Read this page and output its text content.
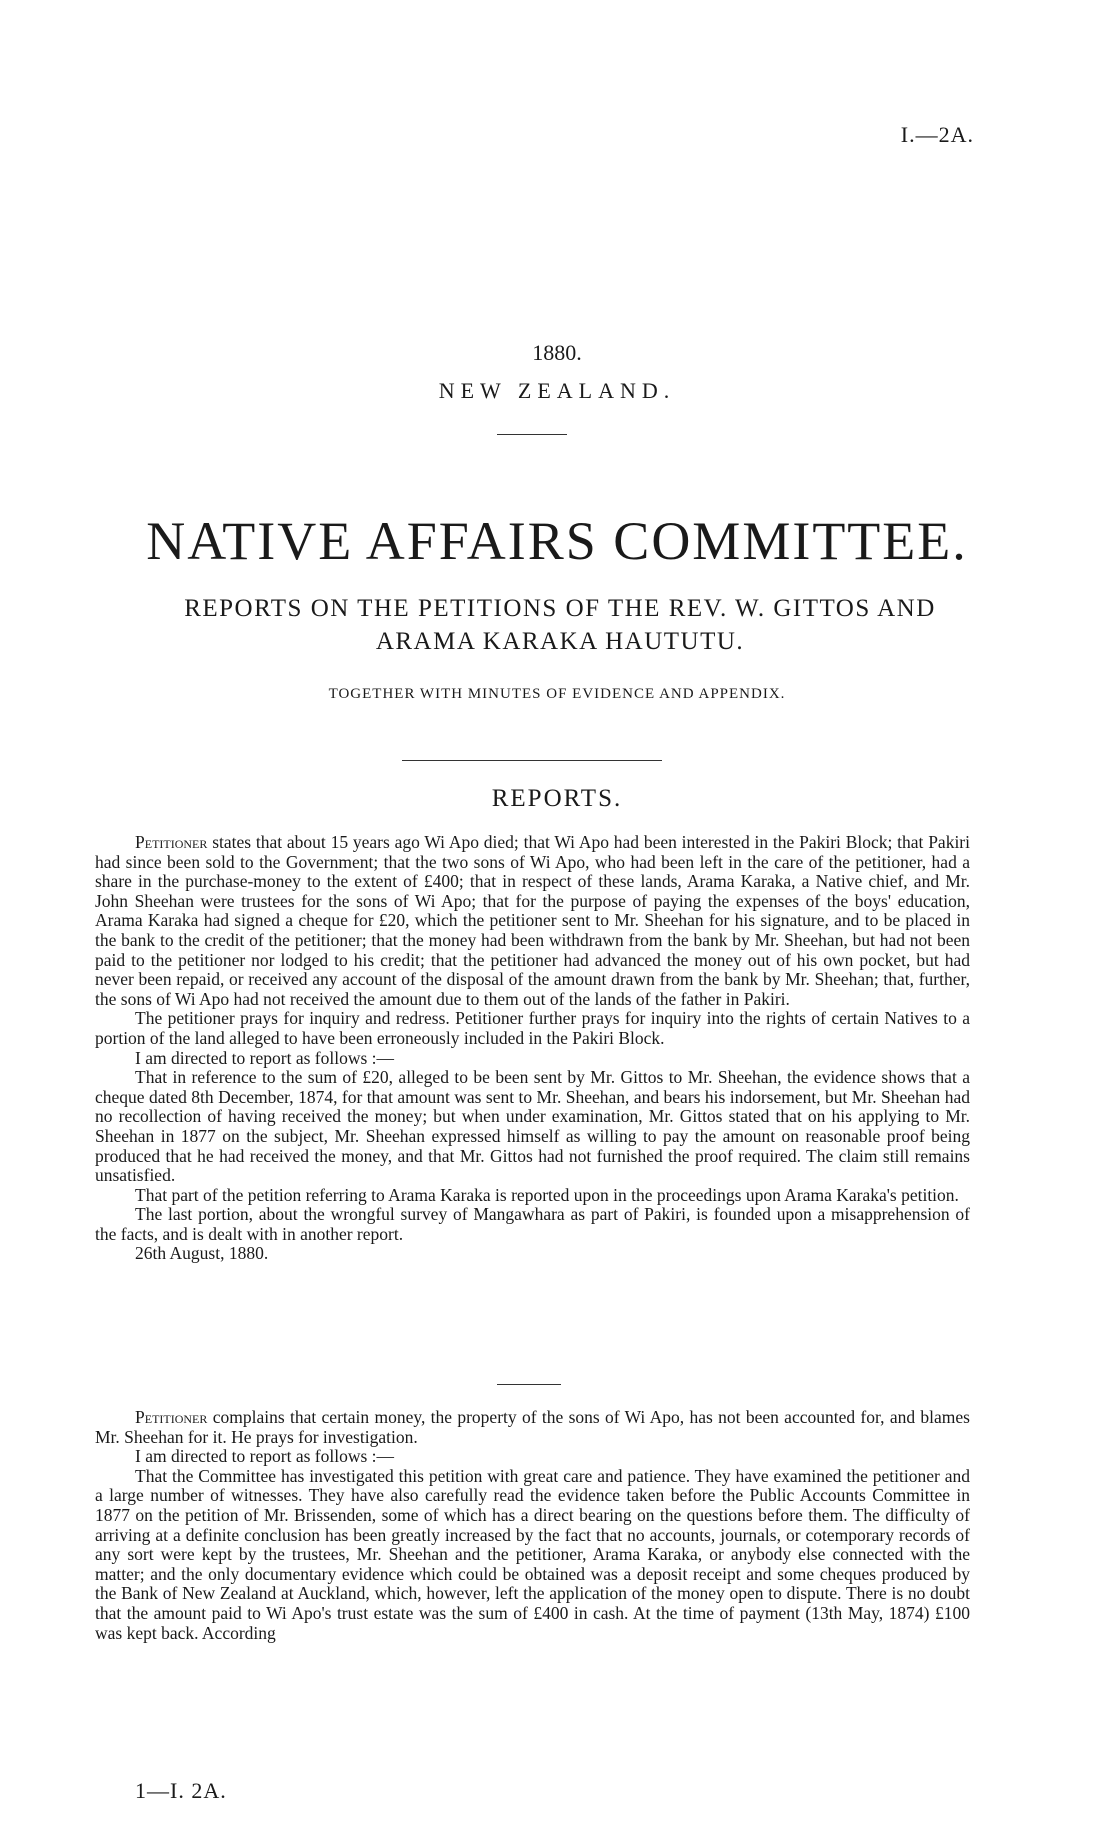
I.—2A.
1880.
NEW ZEALAND.
NATIVE AFFAIRS COMMITTEE.
REPORTS ON THE PETITIONS OF THE REV. W. GITTOS AND ARAMA KARAKA HAUTUTU.
TOGETHER WITH MINUTES OF EVIDENCE AND APPENDIX.
REPORTS.

Petitioner states that about 15 years ago Wi Apo died; that Wi Apo had been interested in the Pakiri Block; that Pakiri had since been sold to the Government; that the two sons of Wi Apo, who had been left in the care of the petitioner, had a share in the purchase-money to the extent of £400; that in respect of these lands, Arama Karaka, a Native chief, and Mr. John Sheehan were trustees for the sons of Wi Apo; that for the purpose of paying the expenses of the boys' education, Arama Karaka had signed a cheque for £20, which the petitioner sent to Mr. Sheehan for his signature, and to be placed in the bank to the credit of the petitioner; that the money had been withdrawn from the bank by Mr. Sheehan, but had not been paid to the petitioner nor lodged to his credit; that the petitioner had advanced the money out of his own pocket, but had never been repaid, or received any account of the disposal of the amount drawn from the bank by Mr. Sheehan; that, further, the sons of Wi Apo had not received the amount due to them out of the lands of the father in Pakiri.

The petitioner prays for inquiry and redress. Petitioner further prays for inquiry into the rights of certain Natives to a portion of the land alleged to have been erroneously included in the Pakiri Block.

I am directed to report as follows :—

That in reference to the sum of £20, alleged to be been sent by Mr. Gittos to Mr. Sheehan, the evidence shows that a cheque dated 8th December, 1874, for that amount was sent to Mr. Sheehan, and bears his indorsement, but Mr. Sheehan had no recollection of having received the money; but when under examination, Mr. Gittos stated that on his applying to Mr. Sheehan in 1877 on the subject, Mr. Sheehan expressed himself as willing to pay the amount on reasonable proof being produced that he had received the money, and that Mr. Gittos had not furnished the proof required. The claim still remains unsatisfied.

That part of the petition referring to Arama Karaka is reported upon in the proceedings upon Arama Karaka's petition.

The last portion, about the wrongful survey of Mangawhara as part of Pakiri, is founded upon a misapprehension of the facts, and is dealt with in another report.

26th August, 1880.

Petitioner complains that certain money, the property of the sons of Wi Apo, has not been accounted for, and blames Mr. Sheehan for it. He prays for investigation.

I am directed to report as follows :—

That the Committee has investigated this petition with great care and patience. They have examined the petitioner and a large number of witnesses. They have also carefully read the evidence taken before the Public Accounts Committee in 1877 on the petition of Mr. Brissenden, some of which has a direct bearing on the questions before them. The difficulty of arriving at a definite conclusion has been greatly increased by the fact that no accounts, journals, or cotemporary records of any sort were kept by the trustees, Mr. Sheehan and the petitioner, Arama Karaka, or anybody else connected with the matter; and the only documentary evidence which could be obtained was a deposit receipt and some cheques produced by the Bank of New Zealand at Auckland, which, however, left the application of the money open to dispute. There is no doubt that the amount paid to Wi Apo's trust estate was the sum of £400 in cash. At the time of payment (13th May, 1874) £100 was kept back. According

1—I. 2A.
